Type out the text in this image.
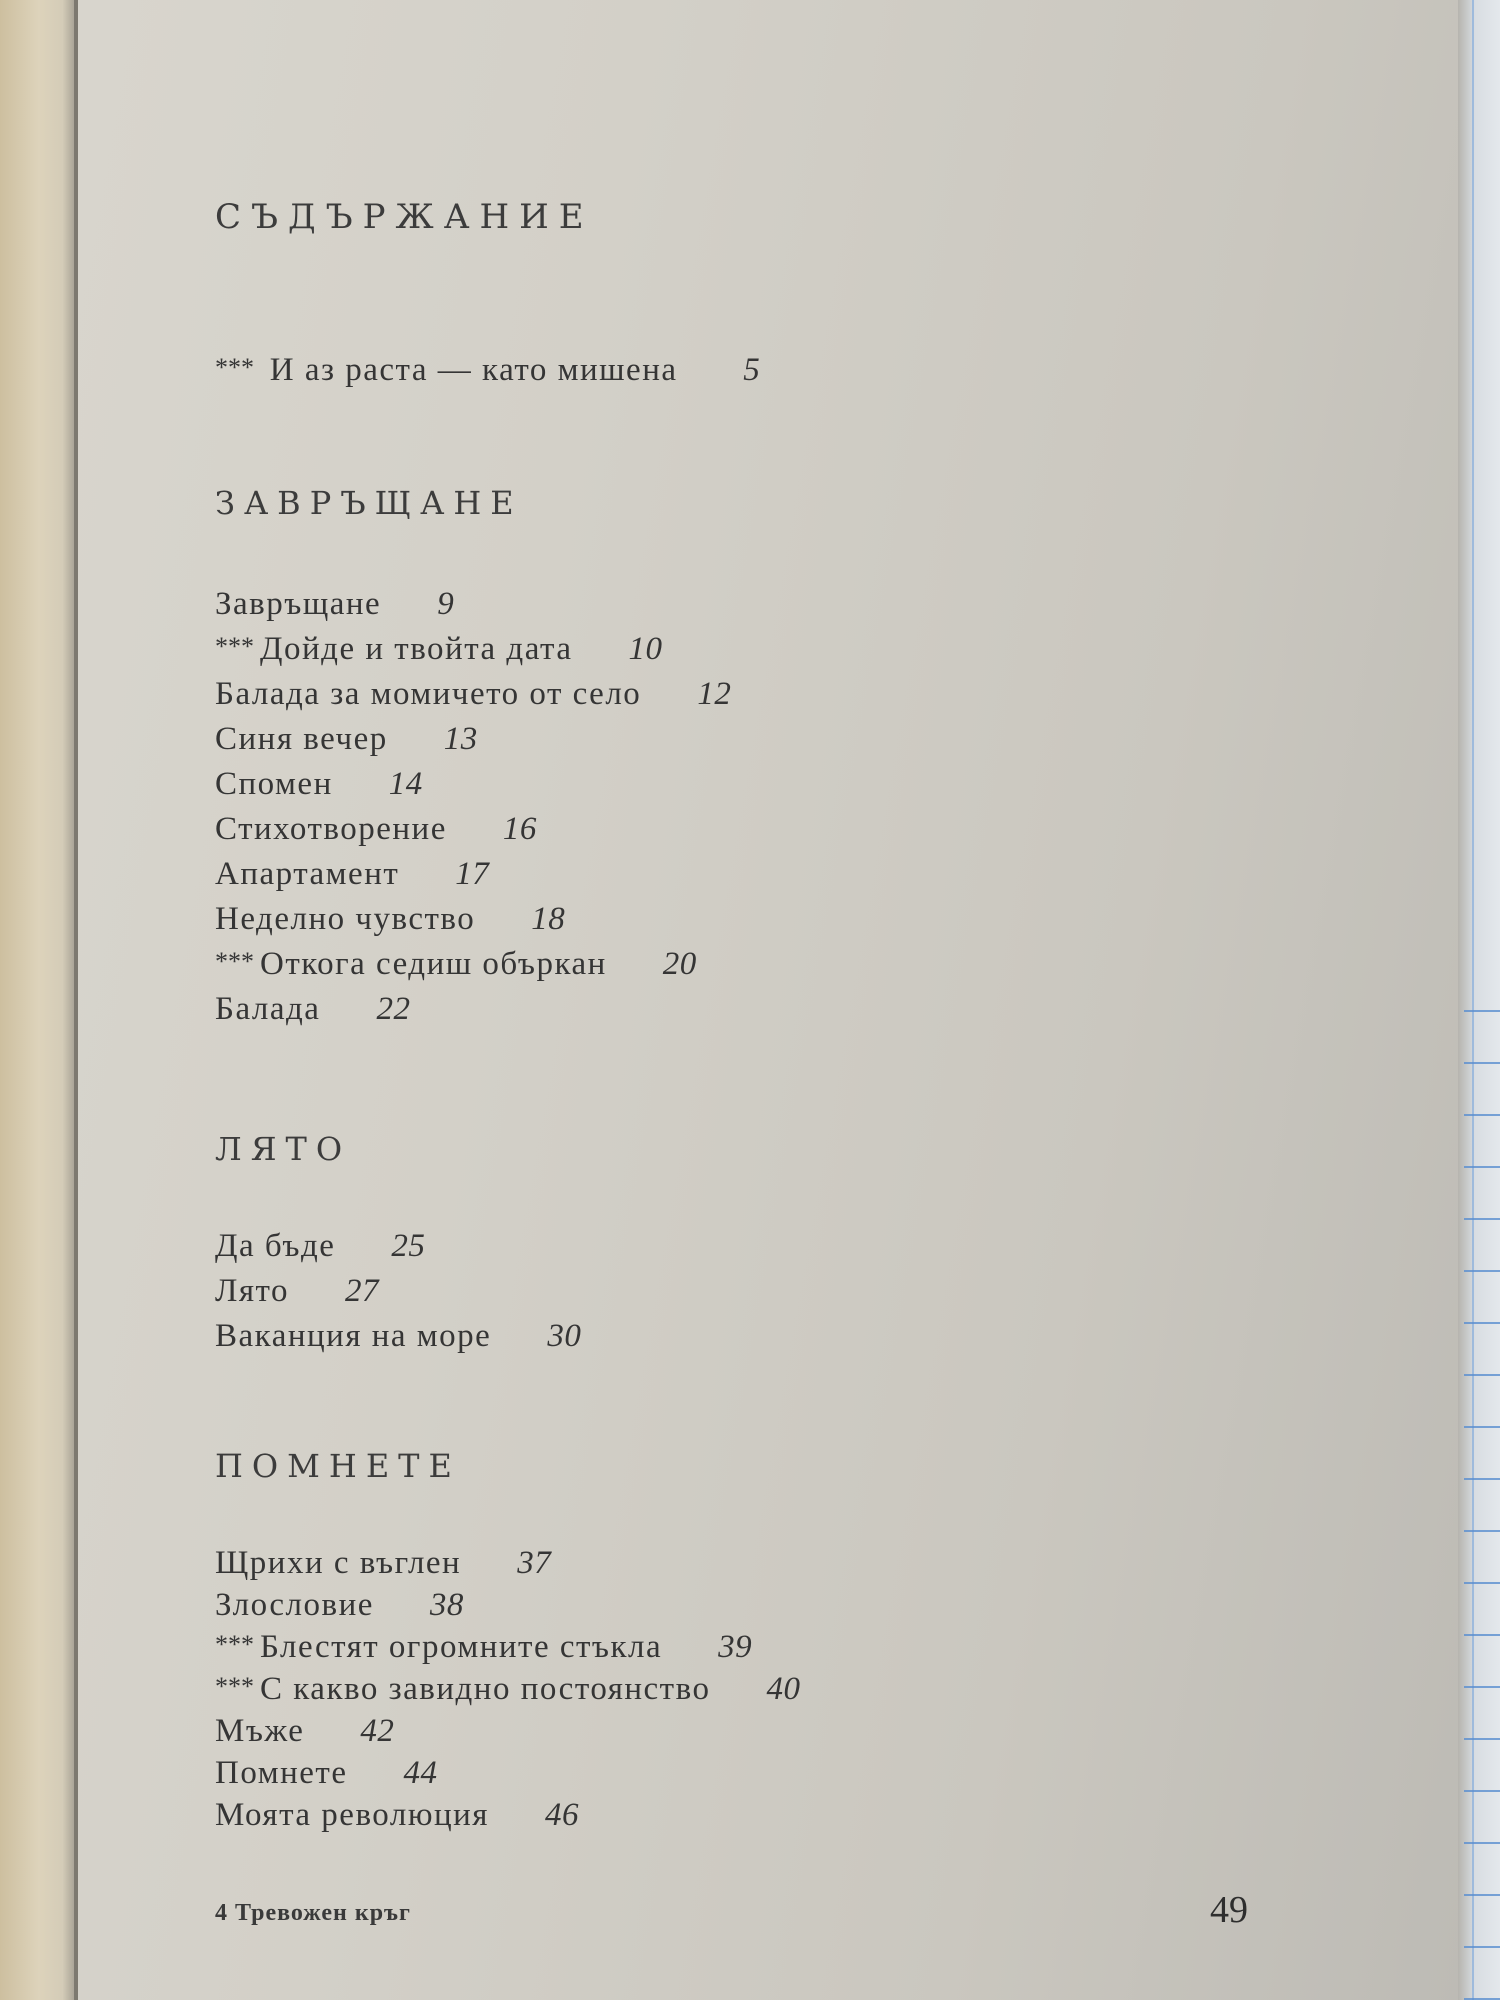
СЪДЪРЖАНИЕ
*** И аз раста — като мишена 5
ЗАВРЪЩАНЕ
Завръщане 9
*** Дойде и твойта дата 10
Балада за момичето от село 12
Синя вечер 13
Спомен 14
Стихотворение 16
Апартамент 17
Неделно чувство 18
*** Откога седиш объркан 20
Балада 22
ЛЯТО
Да бъде 25
Лято 27
Ваканция на море 30
ПОМНЕТЕ
Щрихи с въглен 37
Злословие 38
*** Блестят огромните стъкла 39
*** С какво завидно постоянство 40
Мъже 42
Помнете 44
Моята революция 46
4 Тревожен кръг	49
